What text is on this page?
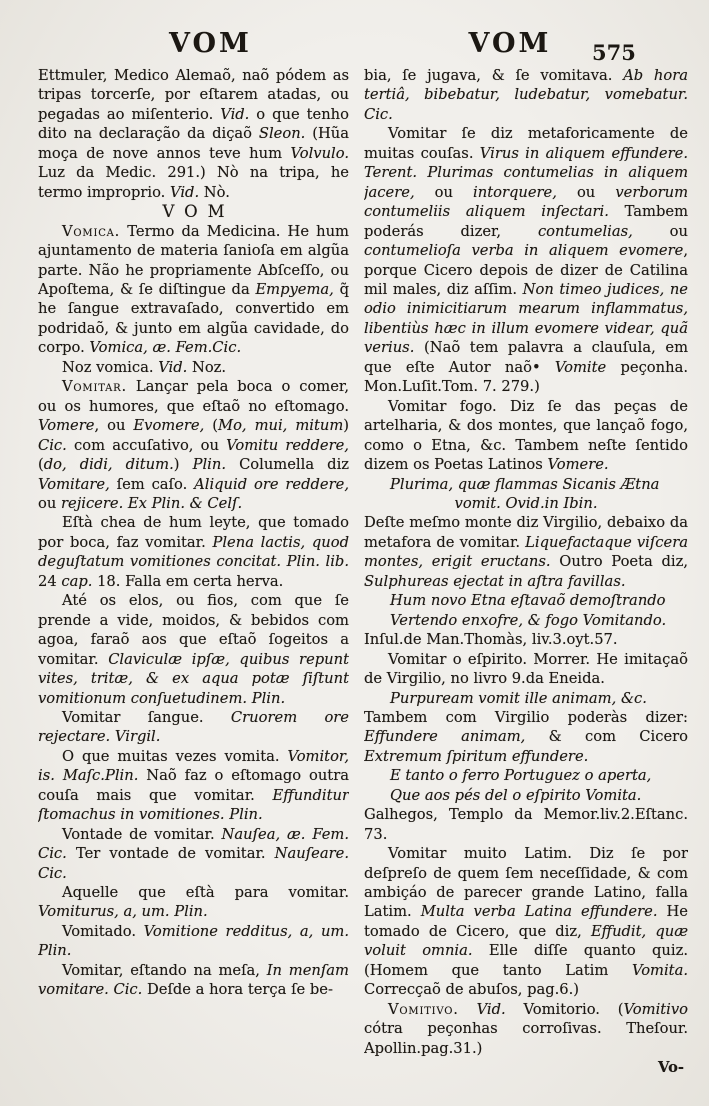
VOM	VOM	575

Ettmuler, Medico Alemaõ, naõ pódem as tripas torcerſe, por eſtarem atadas, ou pegadas ao miſenterio. Vid. o que tenho dito na declaração da diçaõ Sleon. (Hũa moça de nove annos teve hum Volvulo. Luz da Medic. 291.) Nò na tripa, he termo improprio. Vid. Nò.

VOM

Vomica. Termo da Medicina. He hum ajuntamento de materia ſanioſa em algũa parte. Não he propriamente Abſceſſo, ou Apoſtema, & ſe diſtingue da Empyema, q̃ he ſangue extravaſado, convertido em podridaõ, & junto em algũa cavidade, do corpo. Vomica, æ. Fem.Cic.

Noz vomica. Vid. Noz.

Vomitar. Lançar pela boca o comer, ou os humores, que eſtaõ no eſtomago. Vomere, ou Evomere, (Mo, mui, mitum) Cic. com accuſativo, ou Vomitu reddere, (do, didi, ditum.) Plin. Columella diz Vomitare, ſem caſo. Aliquid ore reddere, ou rejicere. Ex Plin. & Celſ.

Eſtà chea de hum leyte, que tomado por boca, faz vomitar. Plena lactis, quod deguſtatum vomitiones concitat. Plin. lib. 24 cap. 18. Falla em certa herva.

Até os elos, ou fios, com que ſe prende a vide, moidos, & bebidos com agoa, faraõ aos que eſtaõ ſogeitos a vomitar. Claviculæ ipſæ, quibus repunt vites, tritæ, & ex aqua potæ ſiſtunt vomitionum conſuetudinem. Plin.

Vomitar ſangue. Cruorem ore rejectare. Virgil.

O que muitas vezes vomita. Vomitor, is. Maſc.Plin. Naõ faz o eſtomago outra couſa mais que vomitar. Effunditur ſtomachus in vomitiones. Plin.

Vontade de vomitar. Nauſea, æ. Fem. Cic. Ter vontade de vomitar. Nauſeare. Cic.

Aquelle que eſtà para vomitar. Vomiturus, a, um. Plin.

Vomitado. Vomitione redditus, a, um. Plin.

Vomitar, eſtando na meſa, In menſam vomitare. Cic. Deſde a hora terça ſe be-

bia, ſe jugava, & ſe vomitava. Ab hora tertiâ, bibebatur, ludebatur, vomebatur. Cic.

Vomitar ſe diz metaforicamente de muitas couſas. Virus in aliquem effundere. Terent. Plurimas contumelias in aliquem jacere, ou intorquere, ou verborum contumeliis aliquem inſectari. Tambem poderás dizer, contumelias, ou contumelioſa verba in aliquem evomere, porque Cicero depois de dizer de Catilina mil males, diz aſſim. Non timeo judices, ne odio inimicitiarum mearum inflammatus, libentiùs hæc in illum evomere videar, quã verius. (Naõ tem palavra a clauſula, em que eſte Autor naõ• Vomite peçonha. Mon.Luſit.Tom. 7. 279.)

Vomitar fogo. Diz ſe das peças de artelharia, & dos montes, que lançaõ fogo, como o Etna, &c. Tambem neſte ſentido dizem os Poetas Latinos Vomere.

Plurima, quæ flammas Sicanis Ætna

vomit. Ovid.in Ibin.

Deſte meſmo monte diz Virgilio, debaixo da metafora de vomitar. Liquefactaque viſcera montes, erigit eructans. Outro Poeta diz, Sulphureas ejectat in aſtra favillas.

Hum novo Etna eſtavaõ demoſtrando

Vertendo enxofre, & fogo Vomitando.

Inſul.de Man.Thomàs, liv.3.oyt.57.

Vomitar o eſpirito. Morrer. He imitaçaõ de Virgilio, no livro 9.da Eneida.

Purpuream vomit ille animam, &c.

Tambem com Virgilio poderàs dizer: Effundere animam, & com Cicero Extremum ſpiritum effundere.

E tanto o ferro Portuguez o aperta,

Que aos pés del o eſpirito Vomita.

Galhegos, Templo da Memor.liv.2.Eſtanc. 73.

Vomitar muito Latim. Diz ſe por deſpreſo de quem ſem neceſſidade, & com ambiçáo de parecer grande Latino, falla Latim. Multa verba Latina effundere. He tomado de Cicero, que diz, Effudit, quæ voluit omnia. Elle diſſe quanto quiz. (Homem que tanto Latim Vomita. Correcçaõ de abuſos, pag.6.)

Vomitivo. Vid. Vomitorio. (Vomitivo cótra peçonhas corroſivas. Theſour. Apollin.pag.31.)

Vo-
